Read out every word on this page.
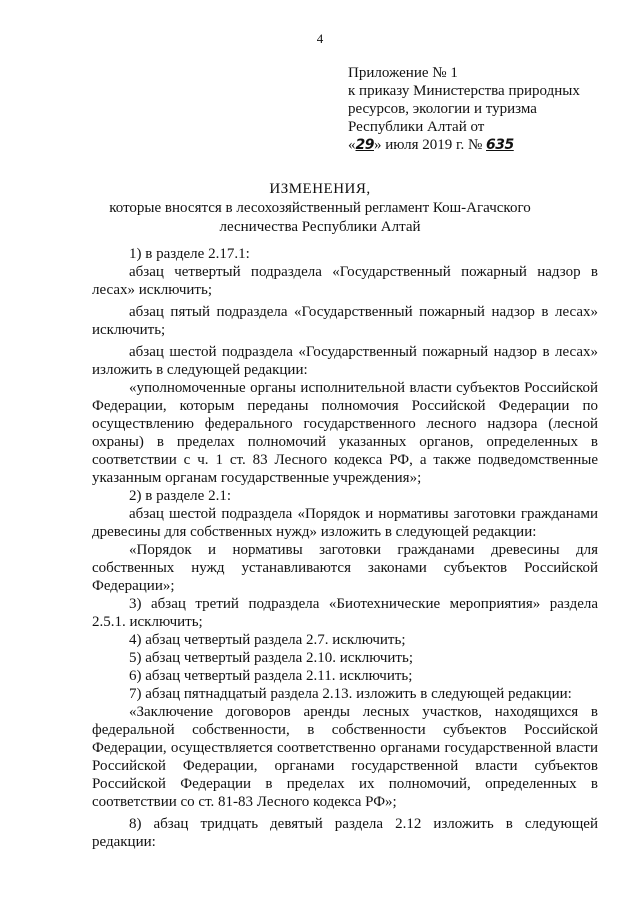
4
Приложение № 1
к приказу Министерства природных
ресурсов, экологии и туризма
Республики Алтай от
«29» июля 2019 г. № 635
ИЗМЕНЕНИЯ,
которые вносятся в лесохозяйственный регламент Кош-Агачского
лесничества Республики Алтай

1) в разделе 2.17.1:

абзац четвертый подраздела «Государственный пожарный надзор в лесах» исключить;

абзац пятый подраздела «Государственный пожарный надзор в лесах» исключить;

абзац шестой подраздела «Государственный пожарный надзор в лесах» изложить в следующей редакции:

«уполномоченные органы исполнительной власти субъектов Российской Федерации, которым переданы полномочия Российской Федерации по осуществлению федерального государственного лесного надзора (лесной охраны) в пределах полномочий указанных органов, определенных в соответствии с ч. 1 ст. 83 Лесного кодекса РФ, а также подведомственные указанным органам государственные учреждения»;

2) в разделе 2.1:

абзац шестой подраздела «Порядок и нормативы заготовки гражданами древесины для собственных нужд» изложить в следующей редакции:

«Порядок и нормативы заготовки гражданами древесины для собственных нужд устанавливаются законами субъектов Российской Федерации»;

3) абзац третий подраздела «Биотехнические мероприятия» раздела 2.5.1. исключить;

4) абзац четвертый раздела 2.7. исключить;

5) абзац четвертый раздела 2.10. исключить;

6) абзац четвертый раздела 2.11. исключить;

7) абзац пятнадцатый раздела 2.13. изложить в следующей редакции:

«Заключение договоров аренды лесных участков, находящихся в федеральной собственности, в собственности субъектов Российской Федерации, осуществляется соответственно органами государственной власти Российской Федерации, органами государственной власти субъектов Российской Федерации в пределах их полномочий, определенных в соответствии со ст. 81-83 Лесного кодекса РФ»;

8) абзац тридцать девятый раздела 2.12 изложить в следующей редакции:
